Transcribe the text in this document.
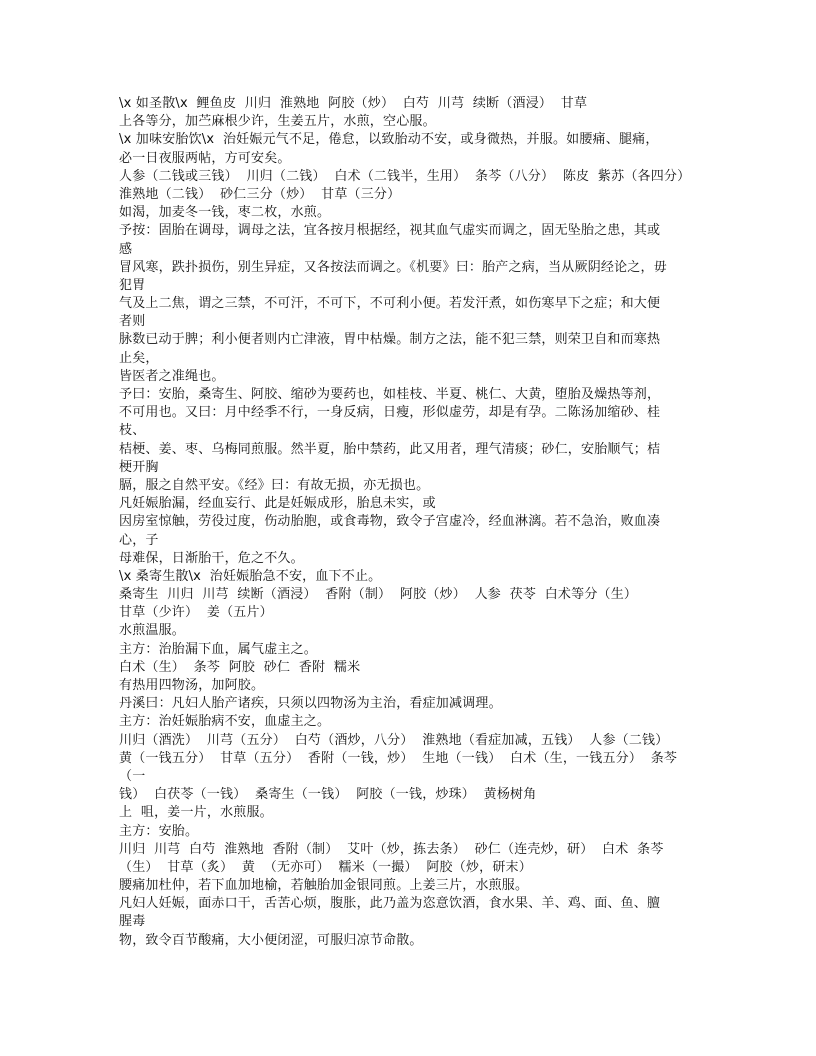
\x 如圣散\x  鲤鱼皮  川归  淮熟地  阿胶（炒）  白芍  川芎  续断（酒浸）  甘草
上各等分，加苎麻根少许，生姜五片，水煎，空心服。
\x 加味安胎饮\x  治妊娠元气不足，倦怠，以致胎动不安，或身微热，并服。如腰痛、腿痛，
必一日夜服两帖，方可安矣。
人参（二钱或三钱）  川归（二钱）  白术（二钱半，生用）  条芩（八分）  陈皮  紫苏（各四分）
淮熟地（二钱）  砂仁三分（炒）  甘草（三分）
如渴，加麦冬一钱，枣二枚，水煎。
予按：固胎在调母，调母之法，宜各按月根据经，视其血气虚实而调之，固无坠胎之患，其或
感
冒风寒，跌扑损伤，别生异症，又各按法而调之。《机要》曰：胎产之病，当从厥阴经论之，毋
犯胃
气及上二焦，谓之三禁，不可汗，不可下，不可利小便。若发汗煮，如伤寒早下之症；和大便
者则
脉数已动于脾；利小便者则内亡津液，胃中枯燥。制方之法，能不犯三禁，则荣卫自和而寒热
止矣，
皆医者之准绳也。
予曰：安胎，桑寄生、阿胶、缩砂为要药也，如桂枝、半夏、桃仁、大黄，堕胎及燥热等剂，
不可用也。又曰：月中经季不行，一身反病，日瘦，形似虚劳，却是有孕。二陈汤加缩砂、桂
枝、
桔梗、姜、枣、乌梅同煎服。然半夏，胎中禁药，此又用者，理气清痰；砂仁，安胎顺气；桔
梗开胸
膈，服之自然平安。《经》曰：有故无损，亦无损也。
凡妊娠胎漏，经血妄行、此是妊娠成形，胎息未实，或
因房室惊触，劳役过度，伤动胎胞，或食毒物，致令子宫虚冷，经血淋漓。若不急治，败血凑
心，子
母难保，日渐胎干，危之不久。
\x 桑寄生散\x  治妊娠胎急不安，血下不止。
桑寄生  川归  川芎  续断（酒浸）  香附（制）  阿胶（炒）  人参  茯苓  白术等分（生）
甘草（少许）  姜（五片）
水煎温服。
主方：治胎漏下血，属气虚主之。
白术（生）  条芩  阿胶  砂仁  香附  糯米
有热用四物汤，加阿胶。
丹溪曰：凡妇人胎产诸疾，只须以四物汤为主治，看症加减调理。
主方：治妊娠胎病不安，血虚主之。
川归（酒洗）  川芎（五分）  白芍（酒炒，八分）  淮熟地（看症加减，五钱）  人参（二钱）
黄（一钱五分）  甘草（五分）  香附（一钱，炒）  生地（一钱）  白术（生，一钱五分）  条芩
（一
钱）  白茯苓（一钱）  桑寄生（一钱）  阿胶（一钱，炒珠）  黄杨树角
上  咀，姜一片，水煎服。
主方：安胎。
川归  川芎  白芍  淮熟地  香附（制）  艾叶（炒，拣去条）  砂仁（连壳炒，研）  白术  条芩
（生）  甘草（炙）  黄  （无亦可）  糯米（一撮）  阿胶（炒，研末）
腰痛加杜仲，若下血加地榆，若触胎加金银同煎。上姜三片，水煎服。
凡妇人妊娠，面赤口干，舌苦心烦，腹胀，此乃盖为恣意饮酒，食水果、羊、鸡、面、鱼、膻
腥毒
物，致令百节酸痛，大小便闭涩，可服归凉节命散。
